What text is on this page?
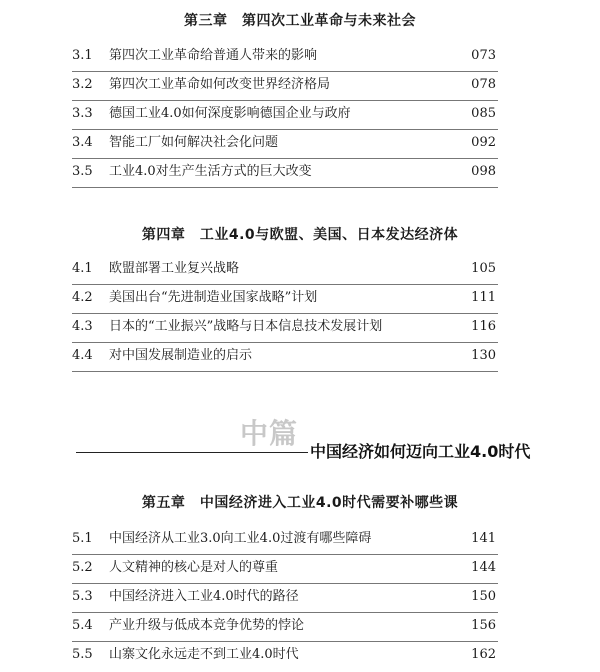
第三章　第四次工业革命与未来社会
3.1	第四次工业革命给普通人带来的影响	073
3.2	第四次工业革命如何改变世界经济格局	078
3.3	德国工业4.0如何深度影响德国企业与政府	085
3.4	智能工厂如何解决社会化问题	092
3.5	工业4.0对生产生活方式的巨大改变	098
第四章　工业4.0与欧盟、美国、日本发达经济体
4.1	欧盟部署工业复兴战略	105
4.2	美国出台“先进制造业国家战略”计划	111
4.3	日本的“工业振兴”战略与日本信息技术发展计划	116
4.4	对中国发展制造业的启示	130
中篇
中国经济如何迈向工业4.0时代
第五章　中国经济进入工业4.0时代需要补哪些课
5.1	中国经济从工业3.0向工业4.0过渡有哪些障碍	141
5.2	人文精神的核心是对人的尊重	144
5.3	中国经济进入工业4.0时代的路径	150
5.4	产业升级与低成本竞争优势的悖论	156
5.5	山寨文化永远走不到工业4.0时代	162
